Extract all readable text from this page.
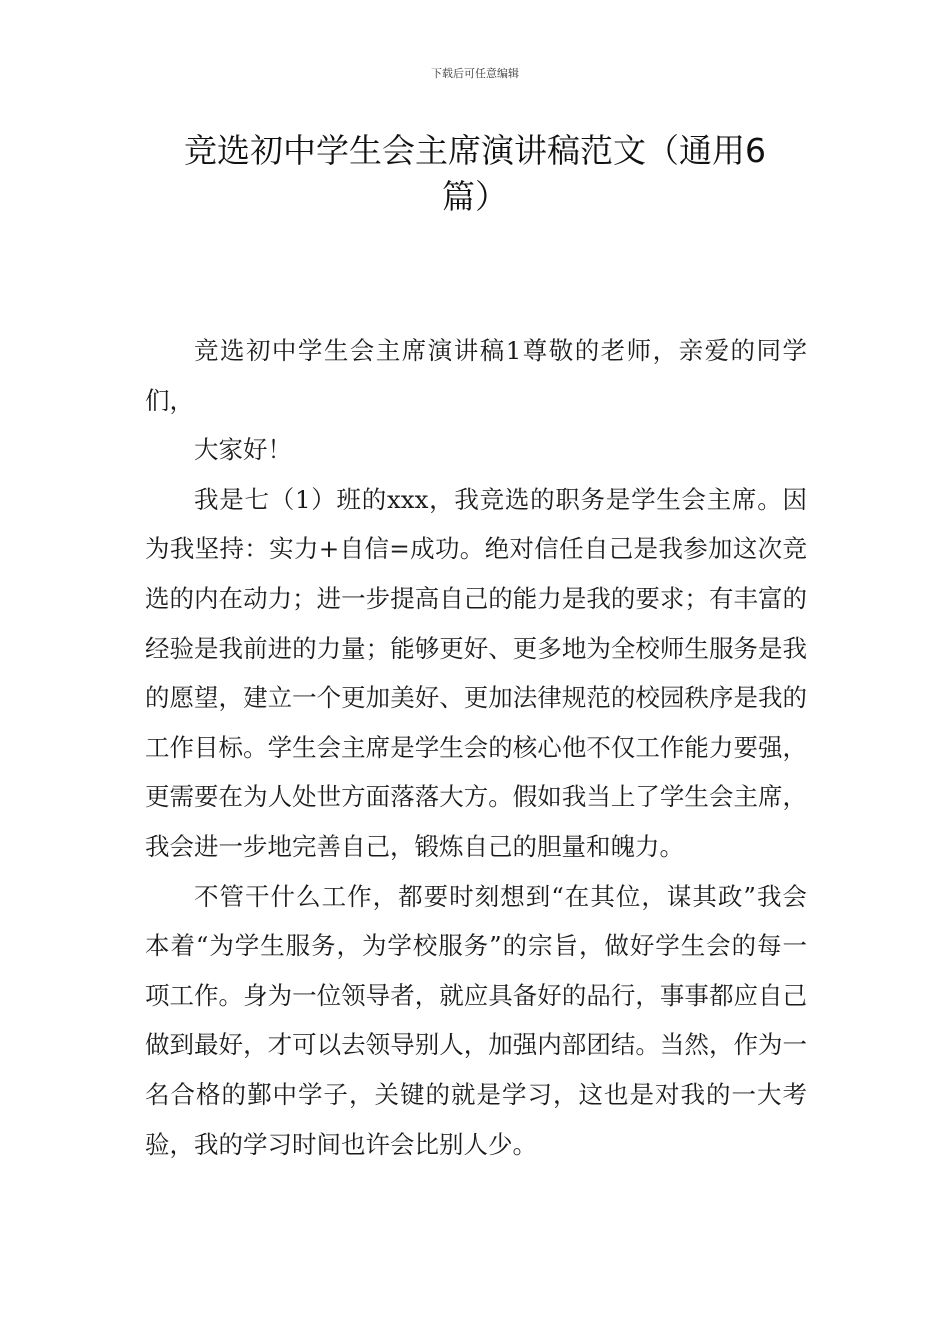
下载后可任意编辑
竞选初中学生会主席演讲稿范文（通用6
篇）

竞选初中学生会主席演讲稿1尊敬的老师，亲爱的同学们，

大家好！

我是七（1）班的xxx，我竞选的职务是学生会主席。因为我坚持：实力+自信=成功。绝对信任自己是我参加这次竞选的内在动力；进一步提高自己的能力是我的要求；有丰富的经验是我前进的力量；能够更好、更多地为全校师生服务是我的愿望，建立一个更加美好、更加法律规范的校园秩序是我的工作目标。学生会主席是学生会的核心他不仅工作能力要强，更需要在为人处世方面落落大方。假如我当上了学生会主席，我会进一步地完善自己，锻炼自己的胆量和魄力。

不管干什么工作，都要时刻想到“在其位，谋其政”我会本着“为学生服务，为学校服务”的宗旨，做好学生会的每一项工作。身为一位领导者，就应具备好的品行，事事都应自己做到最好，才可以去领导别人，加强内部团结。当然，作为一名合格的鄞中学子，关键的就是学习，这也是对我的一大考验，我的学习时间也许会比别人少。
